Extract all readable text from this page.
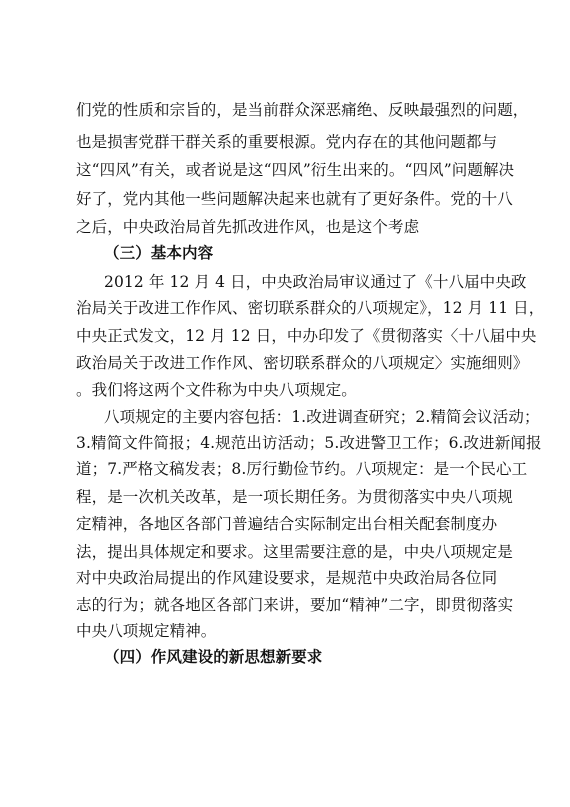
们党的性质和宗旨的，是当前群众深恶痛绝、反映最强烈的问题，
也是损害党群干群关系的重要根源。党内存在的其他问题都与
这“四风”有关，或者说是这“四风”衍生出来的。“四风”问题解决
好了，党内其他一些问题解决起来也就有了更好条件。党的十八
之后，中央政治局首先抓改进作风，也是这个考虑
（三）基本内容
2012 年 12 月 4 日，中央政治局审议通过了《十八届中央政
治局关于改进工作作风、密切联系群众的八项规定》，12 月 11 日，
中央正式发文，12 月 12 日，中办印发了《贯彻落实〈十八届中央
政治局关于改进工作作风、密切联系群众的八项规定〉实施细则》
。我们将这两个文件称为中央八项规定。
八项规定的主要内容包括：1.改进调查研究；2.精简会议活动；
3.精简文件简报；4.规范出访活动；5.改进警卫工作；6.改进新闻报
道；7.严格文稿发表；8.厉行勤俭节约。八项规定：是一个民心工
程，是一次机关改革，是一项长期任务。为贯彻落实中央八项规
定精神，各地区各部门普遍结合实际制定出台相关配套制度办
法，提出具体规定和要求。这里需要注意的是，中央八项规定是
对中央政治局提出的作风建设要求，是规范中央政治局各位同
志的行为；就各地区各部门来讲，要加“精神”二字，即贯彻落实
中央八项规定精神。
（四）作风建设的新思想新要求
